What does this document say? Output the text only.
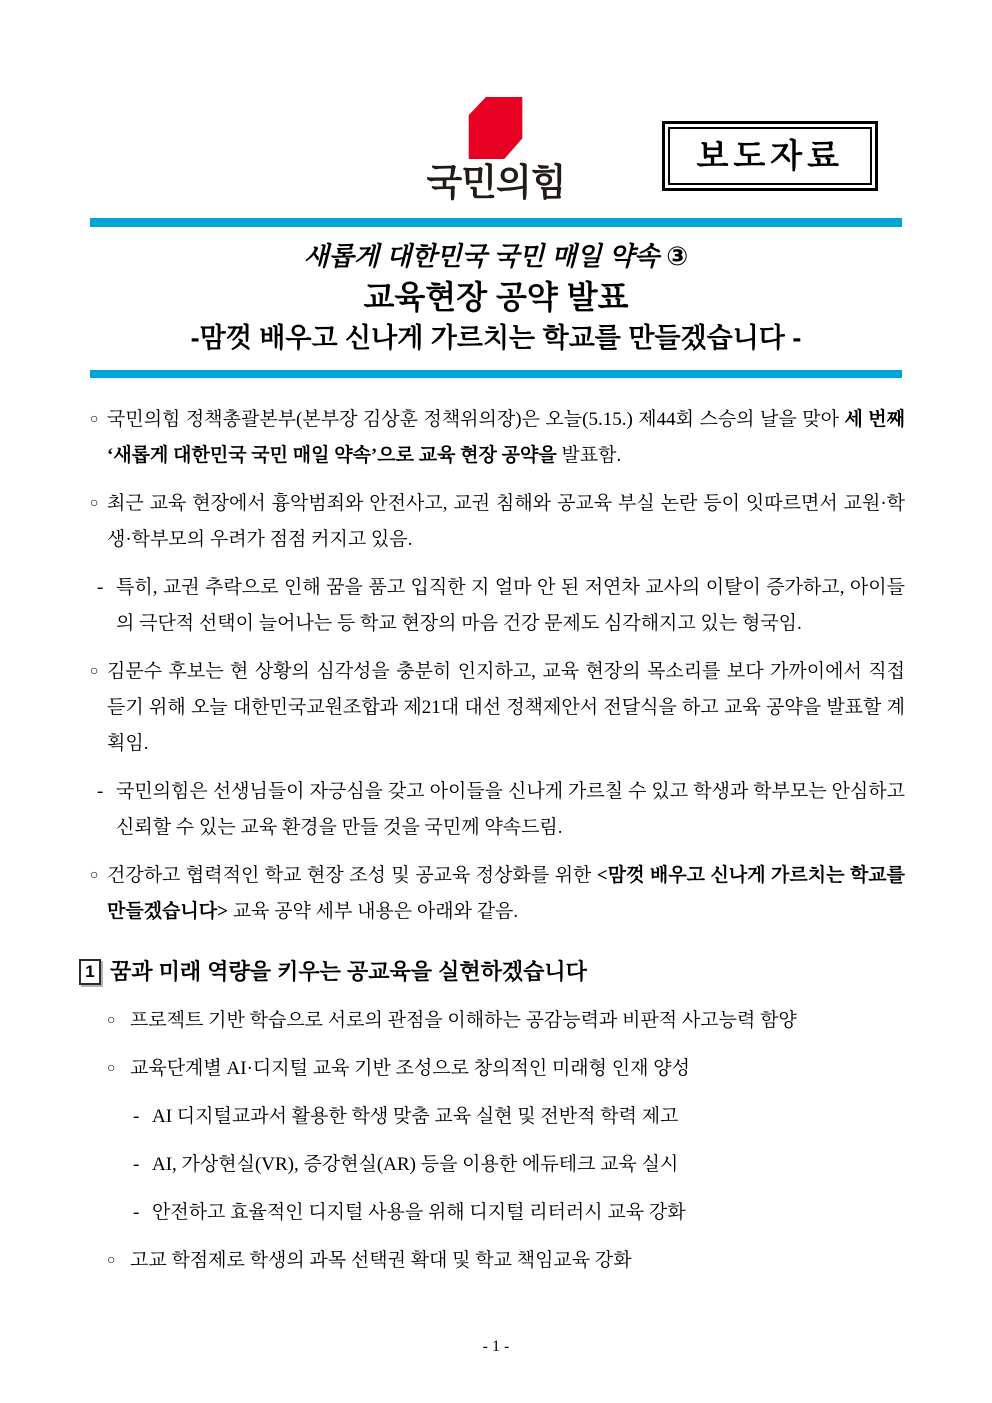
국민의힘
보도자료
새롭게 대한민국 국민 매일 약속 ③
교육현장 공약 발표
-맘껏 배우고 신나게 가르치는 학교를 만들겠습니다 -
○ 국민의힘 정책총괄본부(본부장 김상훈 정책위의장)은 오늘(5.15.) 제44회 스승의 날을 맞아 세 번째 ‘새롭게 대한민국 국민 매일 약속’으로 교육 현장 공약을 발표함.
○ 최근 교육 현장에서 흉악범죄와 안전사고, 교권 침해와 공교육 부실 논란 등이 잇따르면서 교원·학생·학부모의 우려가 점점 커지고 있음.
- 특히, 교권 추락으로 인해 꿈을 품고 입직한 지 얼마 안 된 저연차 교사의 이탈이 증가하고, 아이들의 극단적 선택이 늘어나는 등 학교 현장의 마음 건강 문제도 심각해지고 있는 형국임.
○ 김문수 후보는 현 상황의 심각성을 충분히 인지하고, 교육 현장의 목소리를 보다 가까이에서 직접 듣기 위해 오늘 대한민국교원조합과 제21대 대선 정책제안서 전달식을 하고 교육 공약을 발표할 계획임.
- 국민의힘은 선생님들이 자긍심을 갖고 아이들을 신나게 가르칠 수 있고 학생과 학부모는 안심하고 신뢰할 수 있는 교육 환경을 만들 것을 국민께 약속드림.
○ 건강하고 협력적인 학교 현장 조성 및 공교육 정상화를 위한 <맘껏 배우고 신나게 가르치는 학교를 만들겠습니다> 교육 공약 세부 내용은 아래와 같음.
1 꿈과 미래 역량을 키우는 공교육을 실현하겠습니다
○ 프로젝트 기반 학습으로 서로의 관점을 이해하는 공감능력과 비판적 사고능력 함양
○ 교육단계별 AI·디지털 교육 기반 조성으로 창의적인 미래형 인재 양성
- AI 디지털교과서 활용한 학생 맞춤 교육 실현 및 전반적 학력 제고
- AI, 가상현실(VR), 증강현실(AR) 등을 이용한 에듀테크 교육 실시
- 안전하고 효율적인 디지털 사용을 위해 디지털 리터러시 교육 강화
○ 고교 학점제로 학생의 과목 선택권 확대 및 학교 책임교육 강화
- 1 -
